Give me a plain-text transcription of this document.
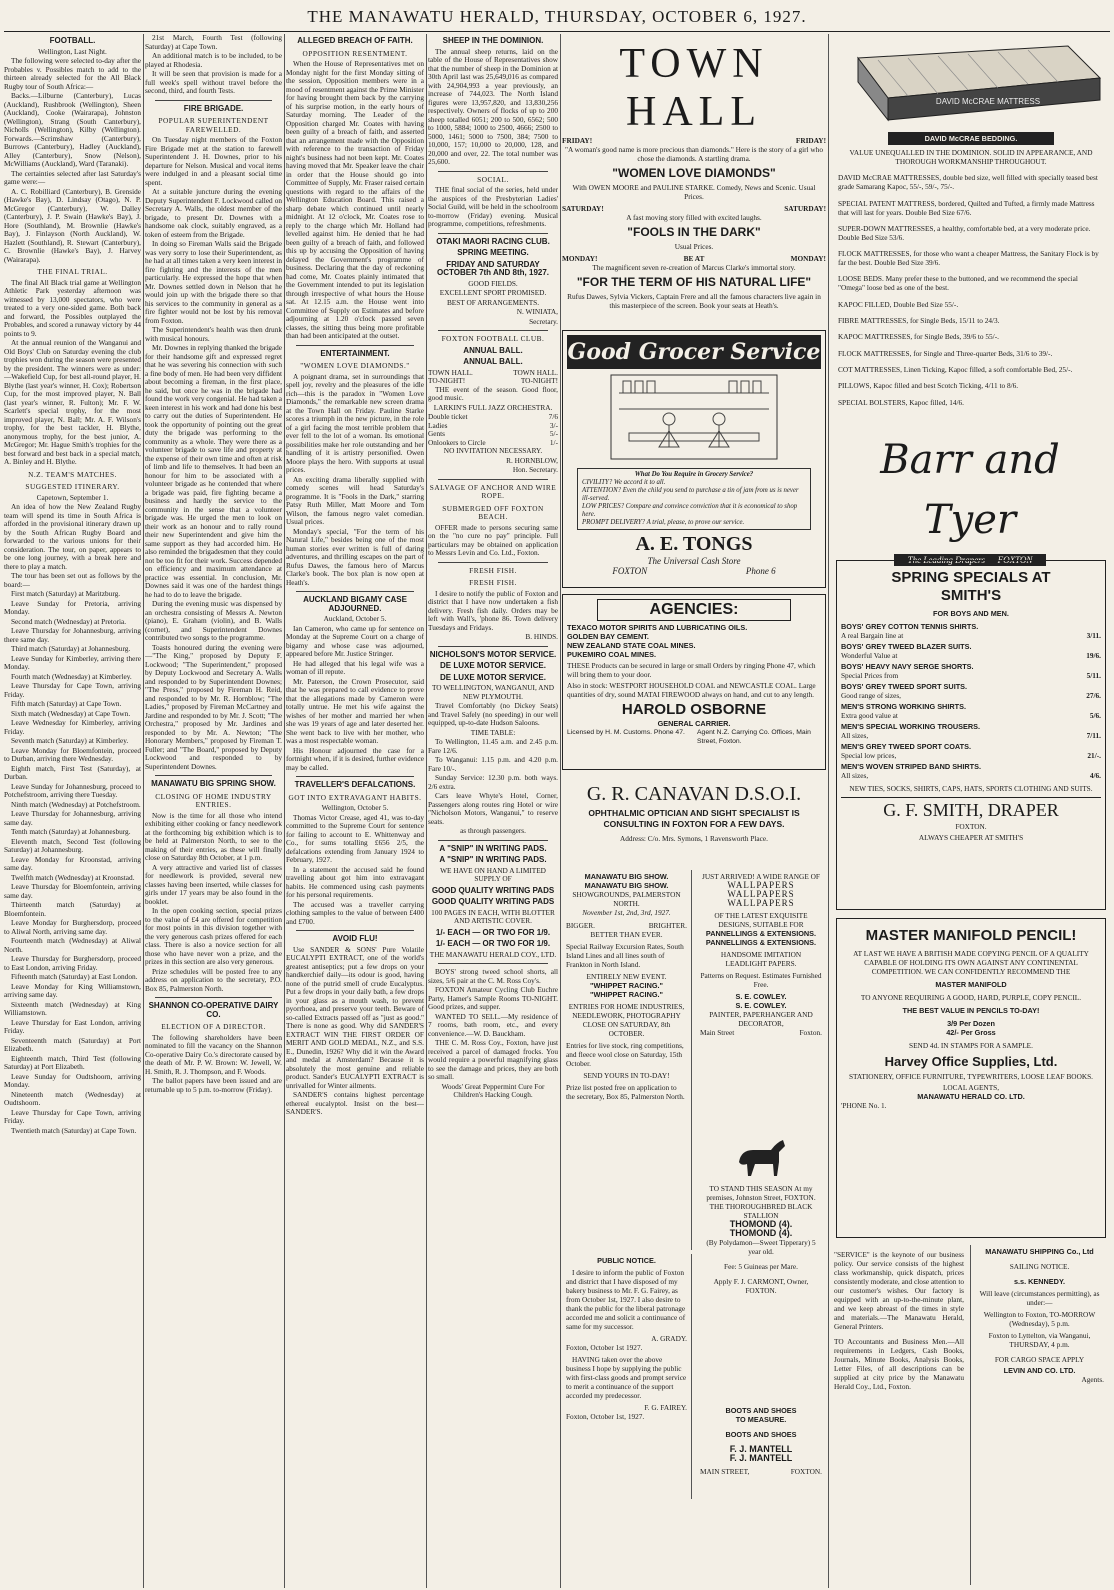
THE MANAWATU HERALD, THURSDAY, OCTOBER 6, 1927.
FOOTBALL.

Wellington, Last Night.

The following were selected to-day after the Probables v. Possibles match to add to the thirteen already selected for the All Black Rugby tour of South Africa:—

Backs.—Lilburne (Canterbury), Lucas (Auckland), Rushbrook (Wellington), Sheen (Auckland), Cooke (Wairarapa), Johnston (Wellington), Strang (South Canterbury), Nicholls (Wellington), Kilby (Wellington). Forwards.—Scrimshaw (Canterbury), Burrows (Canterbury), Hadley (Auckland), Alley (Canterbury), Snow (Nelson), McWilliams (Auckland), Ward (Taranaki).

The certainties selected after last Saturday's game were:—

A. C. Robilliard (Canterbury), B. Grenside (Hawke's Bay), D. Lindsay (Otago), N. P. McGregor (Canterbury), W. Dalley (Canterbury), J. P. Swain (Hawke's Bay), J. Hore (Southland), M. Brownlie (Hawke's Bay), J. Finlayson (North Auckland), W. Hazlett (Southland), R. Stewart (Canterbury), C. Brownlie (Hawke's Bay), J. Harvey (Wairarapa).

THE FINAL TRIAL.

The final All Black trial game at Wellington Athletic Park yesterday afternoon was witnessed by 13,000 spectators, who were treated to a very one-sided game. Both back and forward, the Possibles outplayed the Probables, and scored a runaway victory by 44 points to 9.

At the annual reunion of the Wanganui and Old Boys' Club on Saturday evening the club trophies won during the season were presented by the president. The winners were as under:—Wakefield Cup, for best all-round player, H. Blythe (last year's winner, H. Cox); Robertson Cup, for the most improved player, N. Ball (last year's winner, R. Fulton); Mr. F. W. Scarlett's special trophy, for the most improved player, N. Ball; Mr. A. F. Wilson's trophy, for the best tackler, H. Blythe, anonymous trophy, for the best junior, A. McGregor; Mr. Hague Smith's trophies for the best forward and best back in a special match, A. Binley and H. Blythe.

N.Z. TEAM'S MATCHES.
SUGGESTED ITINERARY.

Capetown, September 1.

An idea of how the New Zealand Rugby team will spend its time in South Africa is afforded in the provisional itinerary drawn up by the South African Rugby Board and forwarded to the various unions for their consideration. The tour, on paper, appears to be one long journey, with a break here and there to play a match.

The tour has been set out as follows by the board:—

First match (Saturday) at Maritzburg.

Leave Sunday for Pretoria, arriving Monday.

Second match (Wednesday) at Pretoria.

Leave Thursday for Johannesburg, arriving there same day.

Third match (Saturday) at Johannesburg.

Leave Sunday for Kimberley, arriving there Monday.

Fourth match (Wednesday) at Kimberley.

Leave Thursday for Cape Town, arriving Friday.

Fifth match (Saturday) at Cape Town.

Sixth match (Wednesday) at Cape Town.

Leave Wednesday for Kimberley, arriving Friday.

Seventh match (Saturday) at Kimberley.

Leave Monday for Bloemfontein, proceed to Durban, arriving there Wednesday.

Eighth match, First Test (Saturday), at Durban.

Leave Sunday for Johannesburg, proceed to Potchefstroom, arriving there Tuesday.

Ninth match (Wednesday) at Potchefstroom.

Leave Thursday for Johannesburg, arriving same day.

Tenth match (Saturday) at Johannesburg.

Eleventh match, Second Test (following Saturday) at Johannesburg.

Leave Monday for Kroonstad, arriving same day.

Twelfth match (Wednesday) at Kroonstad.

Leave Thursday for Bloemfontein, arriving same day.

Thirteenth match (Saturday) at Bloemfontein.

Leave Monday for Burghersdorp, proceed to Aliwal North, arriving same day.

Fourteenth match (Wednesday) at Aliwal North.

Leave Thursday for Burghersdorp, proceed to East London, arriving Friday.

Fifteenth match (Saturday) at East London.

Leave Monday for King Williamstown, arriving same day.

Sixteenth match (Wednesday) at King Williamstown.

Leave Thursday for East London, arriving Friday.

Seventeenth match (Saturday) at Port Elizabeth.

Eighteenth match, Third Test (following Saturday) at Port Elizabeth.

Leave Sunday for Oudtshoorn, arriving Monday.

Nineteenth match (Wednesday) at Oudtshoorn.

Leave Thursday for Cape Town, arriving Friday.

Twentieth match (Saturday) at Cape Town.

21st March, Fourth Test (following Saturday) at Cape Town.

An additional match is to be included, to be played at Rhodesia.

It will be seen that provision is made for a full week's spell without travel before the second, third, and fourth Tests.

FIRE BRIGADE.
POPULAR SUPERINTENDENT FAREWELLED.

On Tuesday night members of the Foxton Fire Brigade met at the station to farewell Superintendent J. H. Downes, prior to his departure for Nelson. Musical and vocal items were indulged in and a pleasant social time spent.

At a suitable juncture during the evening Deputy Superintendent F. Lockwood called on Secretary A. Walls, the oldest member of the brigade, to present Dr. Downes with a handsome oak clock, suitably engraved, as a token of esteem from the Brigade.

In doing so Fireman Walls said the Brigade was very sorry to lose their Superintendent, as he had at all times taken a very keen interest in fire fighting and the interests of the men particularly. He expressed the hope that when Mr. Downes settled down in Nelson that he would join up with the brigade there so that his services to the community in general as a fire fighter would not be lost by his removal from Foxton.

The Superintendent's health was then drunk with musical honours.

Mr. Downes in replying thanked the brigade for their handsome gift and expressed regret that he was severing his connection with such a fine body of men. He had been very diffident about becoming a fireman, in the first place, he said, but once he was in the brigade had found the work very congenial. He had taken a keen interest in his work and had done his best to carry out the duties of Superintendent. He took the opportunity of pointing out the great duty the brigade was performing to the community as a whole. They were there as a volunteer brigade to save life and property at the expense of their own time and often at risk of limb and life to themselves. It had been an honour for him to be associated with a volunteer brigade as he contended that where a brigade was paid, fire fighting became a business and hardly the service to the community in the sense that a volunteer brigade was. He urged the men to look on their work as an honour and to rally round their new Superintendent and give him the same support as they had accorded him. He also reminded the brigadesmen that they could not be too fit for their work. Success depended on efficiency and maximum attendance at practice was essential. In conclusion, Mr. Downes said it was one of the hardest things he had to do to leave the brigade.

During the evening music was dispensed by an orchestra consisting of Messrs A. Newton (piano), E. Graham (violin), and B. Walls (cornet), and Superintendent Downes contributed two songs to the programme.

Toasts honoured during the evening were—"The King," proposed by Deputy F. Lockwood; "The Superintendent," proposed by Deputy Lockwood and Secretary A. Walls and responded to by Superintendent Downes; "The Press," proposed by Fireman H. Reid, and responded to by Mr. R. Hornblow; "The Ladies," proposed by Fireman McCartney and Jardine and responded to by Mr. J. Scott; "The Orchestra," proposed by Mr. Jardines and responded to by Mr. A. Newton; "The Honorary Members," proposed by Fireman T. Fuller; and "The Board," proposed by Deputy Lockwood and responded to by Superintendent Downes.

MANAWATU BIG SPRING SHOW.
CLOSING OF HOME INDUSTRY ENTRIES.

Now is the time for all those who intend exhibiting either cooking or fancy needlework at the forthcoming big exhibition which is to be held at Palmerston North, to see to the making of their entries, as these will finally close on Saturday 8th October, at 1 p.m.

A very attractive and varied list of classes for needlework is provided, several new classes having been inserted, while classes for girls under 17 years may be also found in the booklet.

In the open cooking section, special prizes to the value of £4 are offered for competition for most points in this division together with the very generous cash prizes offered for each class. There is also a novice section for all those who have never won a prize, and the prizes in this section are also very generous.

Prize schedules will be posted free to any address on application to the secretary, P.O. Box 85, Palmerston North.

SHANNON CO-OPERATIVE DAIRY CO.
ELECTION OF A DIRECTOR.

The following shareholders have been nominated to fill the vacancy on the Shannon Co-operative Dairy Co.'s directorate caused by the death of Mr. P. W. Brown: W. Jewell, W. H. Smith, R. J. Thompson, and F. Woods.

The ballot papers have been issued and are returnable up to 5 p.m. to-morrow (Friday).

ALLEGED BREACH OF FAITH.
OPPOSITION RESENTMENT.

When the House of Representatives met on Monday night for the first Monday sitting of the session, Opposition members were in a mood of resentment against the Prime Minister for having brought them back by the carrying of his surprise motion, in the early hours of Saturday morning. The Leader of the Opposition charged Mr. Coates with having been guilty of a breach of faith, and asserted that an arrangement made with the Opposition with reference to the transaction of Friday night's business had not been kept. Mr. Coates having moved that Mr. Speaker leave the chair in order that the House should go into Committee of Supply, Mr. Fraser raised certain questions with regard to the affairs of the Wellington Education Board. This raised a sharp debate which continued until nearly midnight. At 12 o'clock, Mr. Coates rose to reply to the charge which Mr. Holland had levelled against him. He denied that he had been guilty of a breach of faith, and followed this up by accusing the Opposition of having delayed the Government's programme of business. Declaring that the day of reckoning had come, Mr. Coates plainly intimated that the Government intended to put its legislation through irrespective of what hours the House sat. At 12.15 a.m. the House went into Committee of Supply on Estimates and before adjourning at 1.20 o'clock passed seven classes, the sitting thus being more profitable than had been anticipated at the outset.

ENTERTAINMENT.
"WOMEN LOVE DIAMONDS."

A poignant drama, set in surroundings that spell joy, revelry and the pleasures of the idle rich—this is the paradox in "Women Love Diamonds," the remarkable new screen drama at the Town Hall on Friday. Pauline Starke scores a triumph in the new picture, in the role of a girl facing the most terrible problem that ever fell to the lot of a woman. Its emotional possibilities make her role outstanding and her handling of it is artistry personified. Owen Moore plays the hero. With supports at usual prices.

An exciting drama liberally supplied with comedy scenes will head Saturday's programme. It is "Fools in the Dark," starring Patsy Ruth Miller, Matt Moore and Tom Wilson, the famous negro valet comedian. Usual prices.

Monday's special, "For the term of his Natural Life," besides being one of the most human stories ever written is full of daring adventures, and thrilling escapes on the part of Rufus Dawes, the famous hero of Marcus Clarke's book. The box plan is now open at Heath's.

AUCKLAND BIGAMY CASE ADJOURNED.

Auckland, October 5.

Ian Cameron, who came up for sentence on Monday at the Supreme Court on a charge of bigamy and whose case was adjourned, appeared before Mr. Justice Stringer.

He had alleged that his legal wife was a woman of ill repute.

Mr. Paterson, the Crown Prosecutor, said that he was prepared to call evidence to prove that the allegations made by Cameron were totally untrue. He met his wife against the wishes of her mother and married her when she was 19 years of age and later deserted her. She went back to live with her mother, who was a most respectable woman.

His Honour adjourned the case for a fortnight when, if it is desired, further evidence may be called.

TRAVELLER'S DEFALCATIONS.
GOT INTO EXTRAVAGANT HABITS.

Wellington, October 5.

Thomas Victor Crease, aged 41, was to-day committed to the Supreme Court for sentence for failing to account to E. Whittenway and Co., for sums totalling £656 2/5, the defalcations extending from January 1924 to February, 1927.

In a statement the accused said he found travelling about got him into extravagant habits. He commenced using cash payments for his personal requirements.

The accused was a traveller carrying clothing samples to the value of between £400 and £700.

AVOID FLU!

Use SANDER & SONS' Pure Volatile EUCALYPTI EXTRACT, one of the world's greatest antiseptics; put a few drops on your handkerchief daily—its odour is good, having none of the putrid smell of crude Eucalyptus. Put a few drops in your daily bath, a few drops in your glass as a mouth wash, to prevent pyorrhoea, and preserve your teeth. Beware of so-called Extracts passed off as "just as good." There is none as good. Why did SANDER'S EXTRACT WIN THE FIRST ORDER OF MERIT AND GOLD MEDAL, N.Z., and S.S. E., Dunedin, 1926? Why did it win the Award and medal at Amsterdam? Because it is absolutely the most genuine and reliable product. Sander's EUCALYPTI EXTRACT is unrivalled for Winter ailments.

SANDER'S contains highest percentage ethereal eucalyptol. Insist on the best—SANDER'S.

SHEEP IN THE DOMINION.

The annual sheep returns, laid on the table of the House of Representatives show that the number of sheep in the Dominion at 30th April last was 25,649,016 as compared with 24,904,993 a year previously, an increase of 744,023. The North Island figures were 13,957,820, and 13,830,256 respectively. Owners of flocks of up to 200 sheep totalled 6051; 200 to 500, 6562; 500 to 1000, 5884; 1000 to 2500, 4666; 2500 to 5000, 1461; 5000 to 7500, 384; 7500 to 10,000, 157; 10,000 to 20,000, 128, and 20,000 and over, 22. The total number was 25,600.

SOCIAL.

THE final social of the series, held under the auspices of the Presbyterian Ladies' Social Guild, will be held in the schoolroom to-morrow (Friday) evening. Musical programme, competitions, refreshments.

OTAKI MAORI RACING CLUB.
SPRING MEETING.
FRIDAY AND SATURDAY OCTOBER 7th AND 8th, 1927.

GOOD FIELDS.

EXCELLENT SPORT PROMISED.

BEST OF ARRANGEMENTS.

N. WINIATA,

Secretary.

FOXTON FOOTBALL CLUB.
ANNUAL BALL.
ANNUAL BALL.
TOWN HALL.	TOWN HALL.
TO-NIGHT!	TO-NIGHT!

THE event of the season. Good floor, good music.

LARKIN'S FULL JAZZ ORCHESTRA.

Double ticket	7/6
Ladies	3/-
Gents	5/-
Onlookers to Circle	1/-

NO INVITATION NECESSARY.

R. HORNBLOW,

Hon. Secretary.

SALVAGE OF ANCHOR AND WIRE ROPE.
SUBMERGED OFF FOXTON BEACH.

OFFER made to persons securing same on the "no cure no pay" principle. Full particulars may be obtained on application to Messrs Levin and Co. Ltd., Foxton.

FRESH FISH.
FRESH FISH.

I desire to notify the public of Foxton and district that I have now undertaken a fish delivery. Fresh fish daily. Orders may be left with Wall's, 'phone 86. Town delivery Tuesdays and Fridays.

B. HINDS.

NICHOLSON'S MOTOR SERVICE.
DE LUXE MOTOR SERVICE.
DE LUXE MOTOR SERVICE.

TO WELLINGTON, WANGANUI, AND NEW PLYMOUTH.

Travel Comfortably (no Dickey Seats) and Travel Safely (no speeding) in our well equipped, up-to-date Hudson Saloons.

TIME TABLE:

To Wellington, 11.45 a.m. and 2.45 p.m. Fare 12/6.

To Wanganui: 1.15 p.m. and 4.20 p.m. Fare 10/-.

Sunday Service: 12.30 p.m. both ways. 2/6 extra.

Cars leave Whyte's Hotel, Corner, Passengers along routes ring Hotel or wire "Nicholson Motors, Wanganui," to reserve seats.

as through passengers.

A "SNIP" IN WRITING PADS.
A "SNIP" IN WRITING PADS.

WE HAVE ON HAND A LIMITED SUPPLY OF

GOOD QUALITY WRITING PADS
GOOD QUALITY WRITING PADS

100 PAGES IN EACH, WITH BLOTTER AND ARTISTIC COVER.

1/- EACH — OR TWO FOR 1/9.
1/- EACH — OR TWO FOR 1/9.

THE MANAWATU HERALD COY., LTD.

BOYS' strong tweed school shorts, all sizes, 5/6 pair at the C. M. Ross Coy's.

FOXTON Amateur Cycling Club Euchre Party, Hamer's Sample Rooms TO-NIGHT. Good prizes, and supper.

WANTED TO SELL.—My residence of 7 rooms, bath room, etc., and every convenience.—W. D. Bauckham.

THE C. M. Ross Coy., Foxton, have just received a parcel of damaged frocks. You would require a powerful magnifying glass to see the damage and prices, they are both so small.

Woods' Great Peppermint Cure For Children's Hacking Cough.

TOWN HALL
FRIDAY!	FRIDAY!

"A woman's good name is more precious than diamonds." Here is the story of a girl who chose the diamonds. A startling drama.

"WOMEN LOVE DIAMONDS"

With OWEN MOORE and PAULINE STARKE. Comedy, News and Scenic. Usual Prices.

SATURDAY!	SATURDAY!

A fast moving story filled with excited laughs.

"FOOLS IN THE DARK"

Usual Prices.

MONDAY!	BE AT	MONDAY!

The magnificent seven re-creation of Marcus Clarke's immortal story.

"FOR THE TERM OF HIS NATURAL LIFE"

Rufus Dawes, Sylvia Vickers, Captain Frere and all the famous characters live again in this masterpiece of the screen. Book your seats at Heath's.

Good Grocer Service
What Do You Require in Grocery Service?
CIVILITY? We accord it to all.
ATTENTION? Even the child you send to purchase a tin of jam from us is never ill-served.
LOW PRICES? Compare and convince conviction that it is economical to shop here.
PROMPT DELIVERY? A trial, please, to prove our service.
A. E. TONGS
The Universal Cash Store
FOXTON	Phone 6
AGENCIES:
TEXACO MOTOR SPIRITS AND LUBRICATING OILS.
GOLDEN BAY CEMENT.
NEW ZEALAND STATE COAL MINES.
PUKEMIRO COAL MINES.

THESE Products can be secured in large or small Orders by ringing Phone 47, which will bring them to your door.

Also in stock: WESTPORT HOUSEHOLD COAL and NEWCASTLE COAL. Large quantities of dry, sound MATAI FIREWOOD always on hand, and cut to any length.

HAROLD OSBORNE
GENERAL CARRIER.
Licensed by H. M. Customs. Phone 47.	Agent N.Z. Carrying Co. Offices, Main Street, Foxton.
G. R. CANAVAN D.S.O.I.
OPHTHALMIC OPTICIAN AND SIGHT SPECIALIST IS CONSULTING IN FOXTON FOR A FEW DAYS.
Address: C/o. Mrs. Symons, 1 Ravensworth Place.
MANAWATU BIG SHOW.
MANAWATU BIG SHOW.
SHOWGROUNDS, PALMERSTON NORTH.
November 1st, 2nd, 3rd, 1927.
BIGGER.	BRIGHTER.
BETTER THAN EVER.

Special Railway Excursion Rates, South Island Lines and all lines south of Frankton in North Island.

ENTIRELY NEW EVENT.
"WHIPPET RACING."
"WHIPPET RACING."

ENTRIES FOR HOME INDUSTRIES, NEEDLEWORK, PHOTOGRAPHY CLOSE ON SATURDAY, 8th OCTOBER.

Entries for live stock, ring competitions, and fleece wool close on Saturday, 15th October.

SEND YOURS IN TO-DAY!

Prize list posted free on application to the secretary, Box 85, Palmerston North.

PUBLIC NOTICE.

I desire to inform the public of Foxton and district that I have disposed of my bakery business to Mr. F. G. Fairey, as from October 1st, 1927. I also desire to thank the public for the liberal patronage accorded me and solicit a continuance of same for my successor.

A. GRADY.
Foxton, October 1st 1927.

HAVING taken over the above business I hope by supplying the public with first-class goods and prompt service to merit a continuance of the support accorded my predecessor.

F. G. FAIREY.
Foxton, October 1st, 1927.
JUST ARRIVED! A WIDE RANGE OF
WALLPAPERS
WALLPAPERS
WALLPAPERS
OF THE LATEST EXQUISITE DESIGNS, SUITABLE FOR
PANNELLINGS & EXTENSIONS.
PANNELLINGS & EXTENSIONS.
HANDSOME IMITATION LEADLIGHT PAPERS.
Patterns on Request. Estimates Furnished Free.
S. E. COWLEY.
S. E. COWLEY.
PAINTER, PAPERHANGER AND DECORATOR,
Main Street	Foxton.
TO STAND THIS SEASON At my premises, Johnston Street, FOXTON. THE THOROUGHBRED BLACK STALLION
THOMOND (4).
THOMOND (4).
(By Polydamon—Sweet Tipperary) 5 year old.
Fee: 5 Guineas per Mare.
Apply F. J. CARMONT, Owner, FOXTON.
BOOTS AND SHOES
TO MEASURE.
BOOTS AND SHOES
F. J. MANTELL
F. J. MANTELL
MAIN STREET,	FOXTON.
DAVID McCRAE MATTRESS
DAVID McCRAE BEDDING.

VALUE UNEQUALLED IN THE DOMINION. SOLID IN APPEARANCE, AND THOROUGH WORKMANSHIP THROUGHOUT.

DAVID McCRAE MATTRESSES, double bed size, well filled with specially teased best grade Samarang Kapoc, 55/-, 59/-, 75/-.

SPECIAL PATENT MATTRESS, bordered, Quilted and Tufted, a firmly made Mattress that will last for years. Double Bed Size 67/6.

SUPER-DOWN MATTRESSES, a healthy, comfortable bed, at a very moderate price. Double Bed Size 53/6.

FLOCK MATTRESSES, for those who want a cheaper Mattress, the Sanitary Flock is by far the best. Double Bed Size 39/6.

LOOSE BEDS. Many prefer these to the buttoned, and we recommend the special "Omega" loose bed as one of the best.

KAPOC FILLED, Double Bed Size 55/-.

FIBRE MATTRESSES, for Single Beds, 15/11 to 24/3.

KAPOC MATTRESSES, for Single Beds, 39/6 to 55/-.

FLOCK MATTRESSES, for Single and Three-quarter Beds, 31/6 to 39/-.

COT MATTRESSES, Linen Ticking, Kapoc filled, a soft comfortable Bed, 25/-.

PILLOWS, Kapoc filled and best Scotch Ticking, 4/11 to 8/6.

SPECIAL BOLSTERS, Kapoc filled, 14/6.

Barr and Tyer
The Leading Drapers — FOXTON
SPRING SPECIALS AT
SMITH'S
FOR BOYS AND MEN.
BOYS' GREY COTTON TENNIS SHIRTS.
A real Bargain line at	3/11.
BOYS' GREY TWEED BLAZER SUITS.
Wonderful Value at	19/6.
BOYS' HEAVY NAVY SERGE SHORTS.
Special Prices from	5/11.
BOYS' GREY TWEED SPORT SUITS.
Good range of sizes,	27/6.
MEN'S STRONG WORKING SHIRTS.
Extra good value at	5/6.
MEN'S SPECIAL WORKING TROUSERS.
All sizes,	7/11.
MEN'S GREY TWEED SPORT COATS.
Special low prices,	21/-.
MEN'S WOVEN STRIPED BAND SHIRTS.
All sizes,	4/6.

NEW TIES, SOCKS, SHIRTS, CAPS, HATS, SPORTS CLOTHING AND SUITS.

G. F. SMITH, DRAPER
FOXTON.
ALWAYS CHEAPER AT SMITH'S
MASTER MANIFOLD PENCIL!

AT LAST WE HAVE A BRITISH MADE COPYING PENCIL OF A QUALITY CAPABLE OF HOLDING ITS OWN AGAINST ANY CONTINENTAL COMPETITION. WE CAN CONFIDENTLY RECOMMEND THE

MASTER MANIFOLD

TO ANYONE REQUIRING A GOOD, HARD, PURPLE, COPY PENCIL.

THE BEST VALUE IN PENCILS TO-DAY!
3/9 Per Dozen
42/- Per Gross

SEND 4d. IN STAMPS FOR A SAMPLE.

Harvey Office Supplies, Ltd.

STATIONERY, OFFICE FURNITURE, TYPEWRITERS, LOOSE LEAF BOOKS.

LOCAL AGENTS,
MANAWATU HERALD CO. LTD.
'PHONE No. 1.

"SERVICE" is the keynote of our business policy. Our service consists of the highest class workmanship, quick dispatch, prices consistently moderate, and close attention to our customer's wishes. Our factory is equipped with an up-to-the-minute plant, and we keep abreast of the times in style and materials.—The Manawatu Herald, General Printers.

TO Accountants and Business Men.—All requirements in Ledgers, Cash Books, Journals, Minute Books, Analysis Books, Letter Files, of all descriptions can be supplied at city price by the Manawatu Herald Coy., Ltd., Foxton.

MANAWATU SHIPPING Co., Ltd
SAILING NOTICE.
s.s. KENNEDY.

Will leave (circumstances permitting), as under:—

Wellington to Foxton, TO-MORROW (Wednesday), 5 p.m.

Foxton to Lyttelton, via Wanganui, THURSDAY, 4 p.m.

FOR CARGO SPACE APPLY

LEVIN AND CO. LTD.
Agents.
